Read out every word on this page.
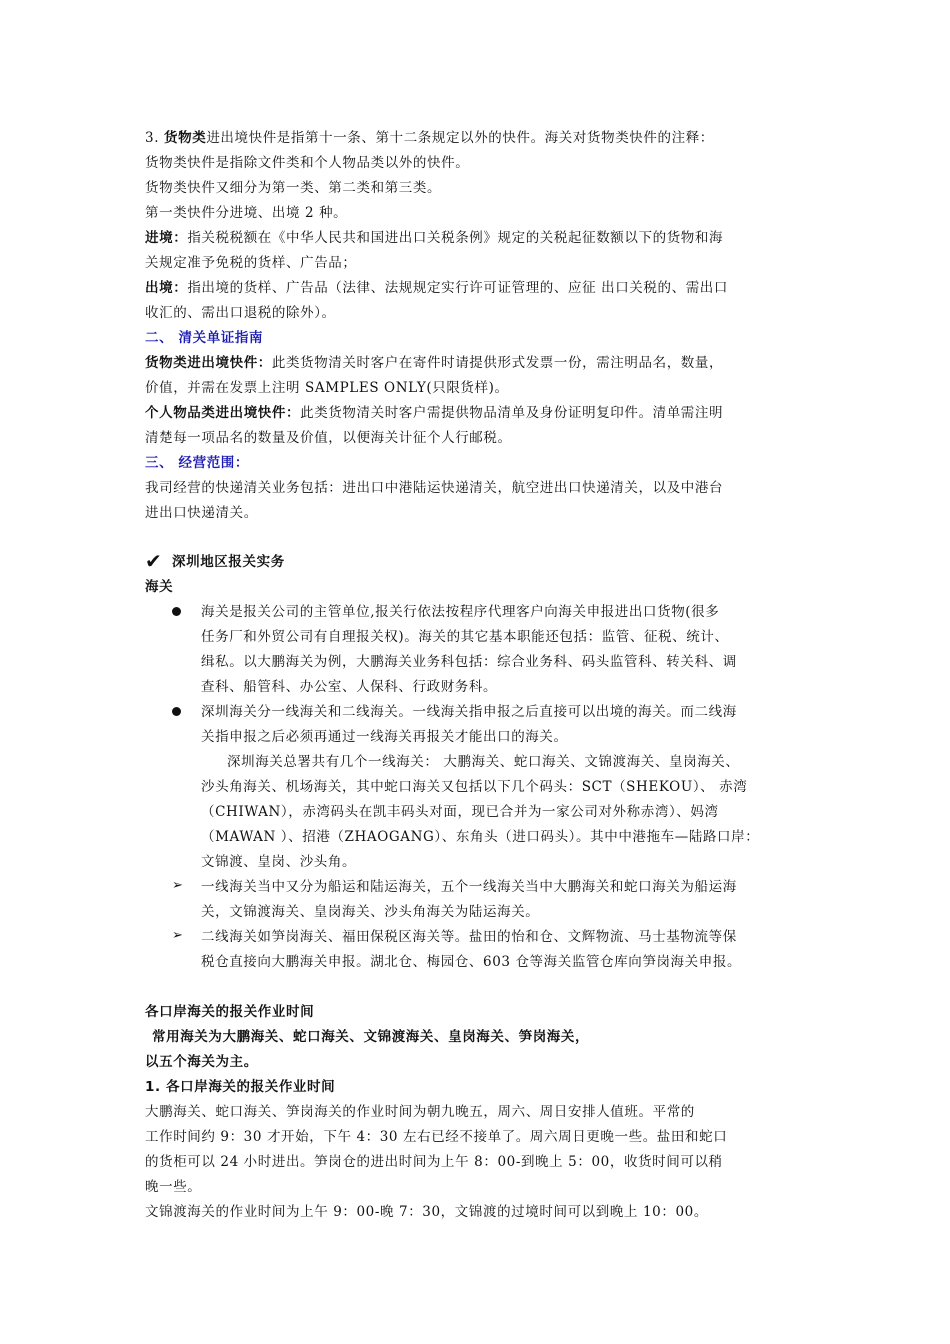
3. 货物类进出境快件是指第十一条、第十二条规定以外的快件。海关对货物类快件的注释：
货物类快件是指除文件类和个人物品类以外的快件。
货物类快件又细分为第一类、第二类和第三类。
第一类快件分进境、出境 2 种。
进境：指关税税额在《中华人民共和国进出口关税条例》规定的关税起征数额以下的货物和海
关规定准予免税的货样、广告品；
出境：指出境的货样、广告品（法律、法规规定实行许可证管理的、应征 出口关税的、需出口
收汇的、需出口退税的除外）。
二、 清关单证指南
货物类进出境快件：此类货物清关时客户在寄件时请提供形式发票一份，需注明品名，数量，
价值，并需在发票上注明 SAMPLES ONLY(只限货样)。
个人物品类进出境快件：此类货物清关时客户需提供物品清单及身份证明复印件。清单需注明
清楚每一项品名的数量及价值，以便海关计征个人行邮税。
三、 经营范围：
我司经营的快递清关业务包括：进出口中港陆运快递清关，航空进出口快递清关，以及中港台
进出口快递清关。
✔ 深圳地区报关实务
海关
海关是报关公司的主管单位,报关行依法按程序代理客户向海关申报进出口货物(很多
任务厂和外贸公司有自理报关权)。海关的其它基本职能还包括：监管、征税、统计、
缉私。以大鹏海关为例，大鹏海关业务科包括：综合业务科、码头监管科、转关科、调
查科、船管科、办公室、人保科、行政财务科。
深圳海关分一线海关和二线海关。一线海关指申报之后直接可以出境的海关。而二线海
关指申报之后必须再通过一线海关再报关才能出口的海关。
深圳海关总署共有几个一线海关： 大鹏海关、蛇口海关、文锦渡海关、皇岗海关、
沙头角海关、机场海关，其中蛇口海关又包括以下几个码头：SCT（SHEKOU）、 赤湾
（CHIWAN），赤湾码头在凯丰码头对面，现已合并为一家公司对外称赤湾）、妈湾
（MAWAN ）、招港（ZHAOGANG）、东角头（进口码头）。其中中港拖车—陆路口岸：
文锦渡、皇岗、沙头角。
➢ 一线海关当中又分为船运和陆运海关，五个一线海关当中大鹏海关和蛇口海关为船运海
关，文锦渡海关、皇岗海关、沙头角海关为陆运海关。
➢ 二线海关如笋岗海关、福田保税区海关等。盐田的怡和仓、文辉物流、马士基物流等保
税仓直接向大鹏海关申报。湖北仓、梅园仓、603 仓等海关监管仓库向笋岗海关申报。
各口岸海关的报关作业时间
常用海关为大鹏海关、蛇口海关、文锦渡海关、皇岗海关、笋岗海关，
以五个海关为主。
1. 各口岸海关的报关作业时间
大鹏海关、蛇口海关、笋岗海关的作业时间为朝九晚五，周六、周日安排人值班。平常的
工作时间约 9：30 才开始，下午 4：30 左右已经不接单了。周六周日更晚一些。盐田和蛇口
的货柜可以 24 小时进出。笋岗仓的进出时间为上午 8：00-到晚上 5：00，收货时间可以稍
晚一些。
文锦渡海关的作业时间为上午 9：00-晚 7：30，文锦渡的过境时间可以到晚上 10：00。
